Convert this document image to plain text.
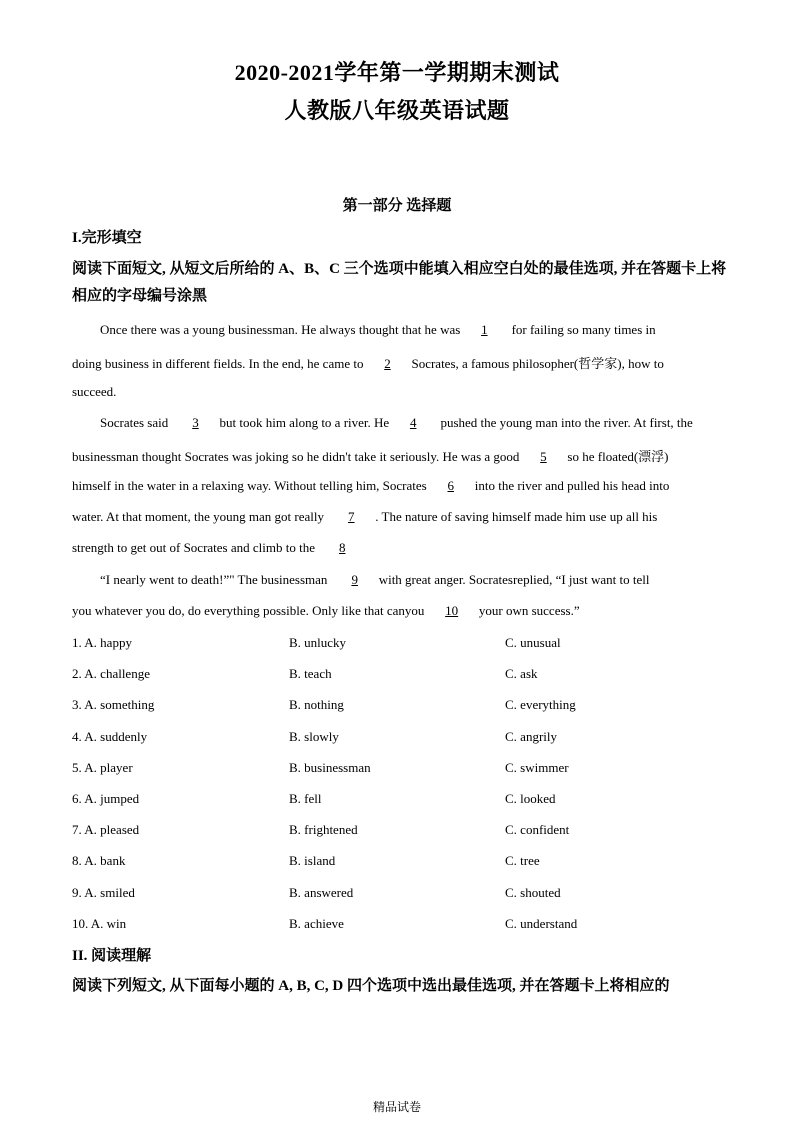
2020-2021学年第一学期期末测试
人教版八年级英语试题
第一部分 选择题
I.完形填空
阅读下面短文, 从短文后所给的 A、B、C 三个选项中能填入相应空白处的最佳选项, 并在答题卡上将相应的字母编号涂黑
Once there was a young businessman. He always thought that he was 1 for failing so many times in
doing business in different fields. In the end, he came to 2 Socrates, a famous philosopher(哲学家), how to
succeed.
Socrates said 3 but took him along to a river. He 4 pushed the young man into the river. At first, the
businessman thought Socrates was joking so he didn't take it seriously. He was a good 5 so he floated(漂浮)
himself in the water in a relaxing way. Without telling him, Socrates 6 into the river and pulled his head into
water. At that moment, the young man got really 7 . The nature of saving himself made him use up all his
strength to get out of Socrates and climb to the 8
“I nearly went to death!”" The businessman 9 with great anger. Socratesreplied, “I just want to tell
you whatever you do, do everything possible. Only like that canyou 10 your own success.”
1. A. happy	B. unlucky	C. unusual
2. A. challenge	B. teach	C. ask
3. A. something	B. nothing	C. everything
4. A. suddenly	B. slowly	C. angrily
5. A. player	B. businessman	C. swimmer
6. A. jumped	B. fell	C. looked
7. A. pleased	B. frightened	C. confident
8. A. bank	B. island	C. tree
9. A. smiled	B. answered	C. shouted
10. A. win	B. achieve	C. understand
II. 阅读理解
阅读下列短文, 从下面每小题的 A, B, C, D 四个选项中选出最佳选项, 并在答题卡上将相应的
精品试卷
